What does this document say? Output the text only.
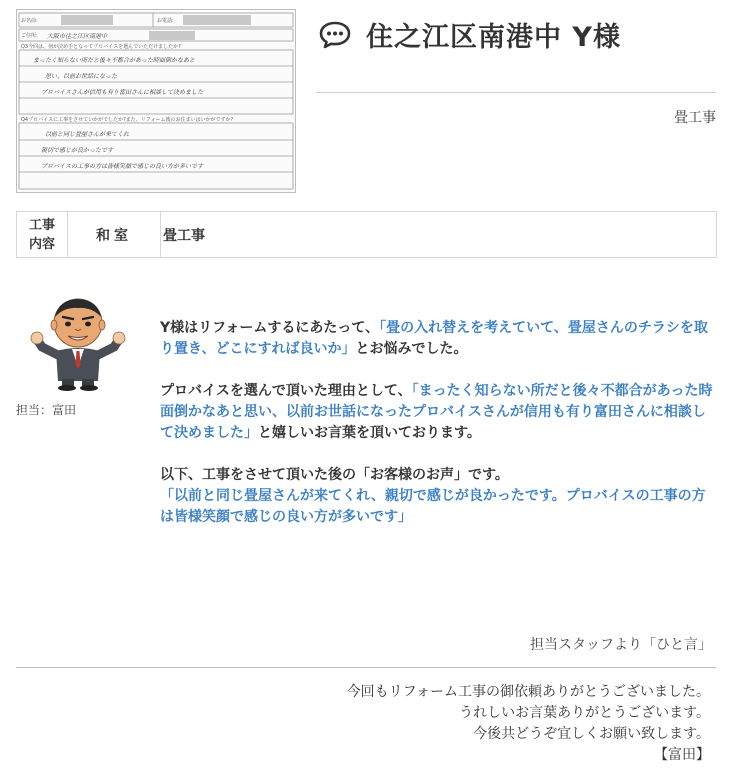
お名前:	お電話:
ご住所:
Q3今回は、何が決め手となってプロバイスを選んでいただけましたか?
Q4プロバイスに工事をさせていかがでしたか?また、リフォーム後のお住まいはいかがですか?
大阪市住之江区南港中
まったく知らない所だと後々不都合があった時面倒かなあと
思い、以前お世話になった
プロバイスさんが信用も有り富田さんに相談して決めました
以前と同じ畳屋さんが来てくれ
親切で感じが良かったです
プロバイスの工事の方は皆様笑顔で感じの良い方が多いです
住之江区南港中 Y様
畳工事
工事
内容
和室	畳工事
担当：富田
Y様はリフォームするにあたって、「畳の入れ替えを考えていて、畳屋さんのチラシを取り置き、どこにすれば良いか」とお悩みでした。
プロバイスを選んで頂いた理由として、「まったく知らない所だと後々不都合があった時面倒かなあと思い、以前お世話になったプロバイスさんが信用も有り富田さんに相談して決めました」と嬉しいお言葉を頂いております。
以下、工事をさせて頂いた後の「お客様のお声」です。
「以前と同じ畳屋さんが来てくれ、親切で感じが良かったです。プロバイスの工事の方は皆様笑顔で感じの良い方が多いです」
担当スタッフより「ひと言」
今回もリフォーム工事の御依頼ありがとうございました。
うれしいお言葉ありがとうございます。
今後共どうぞ宜しくお願い致します。
【富田】
